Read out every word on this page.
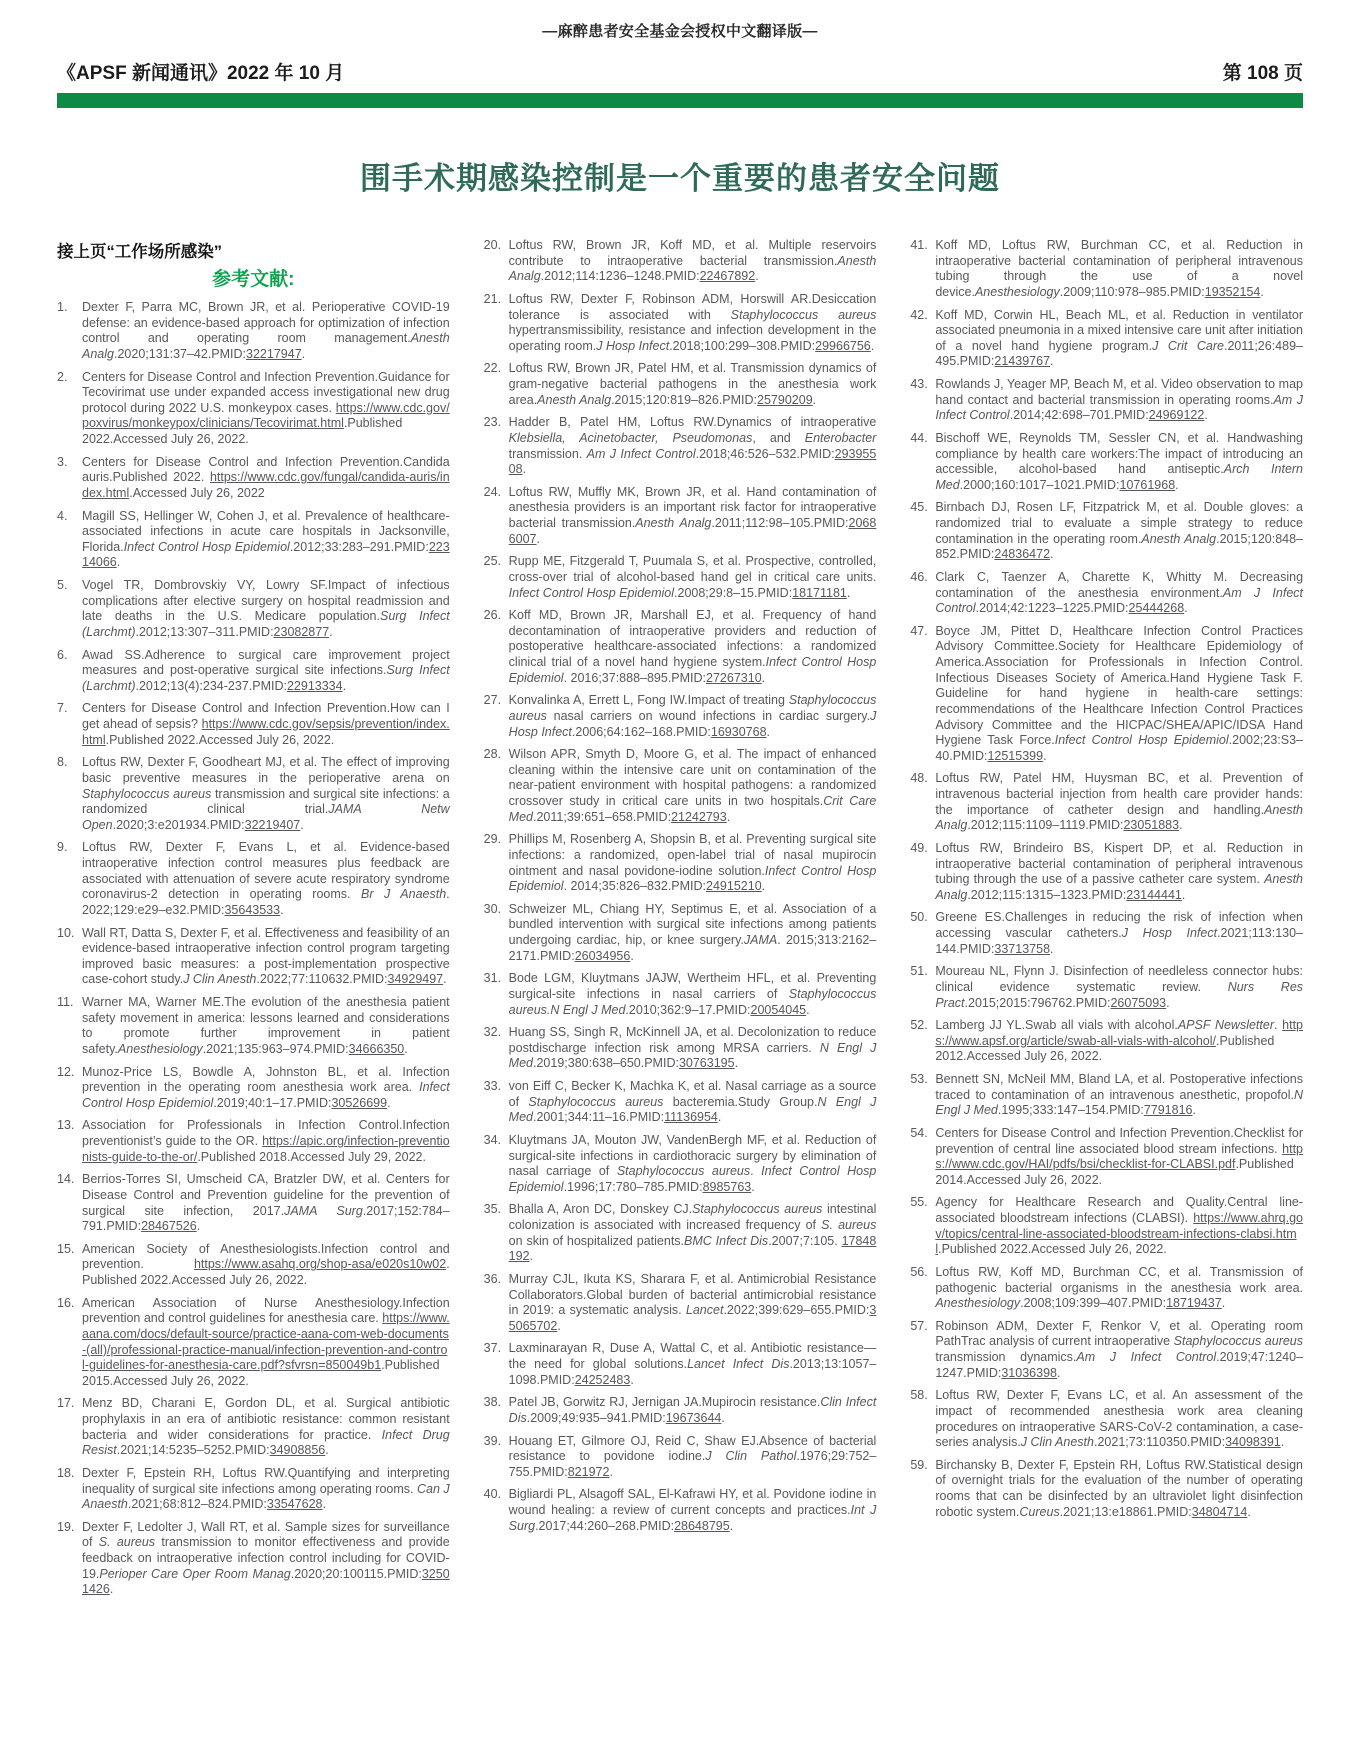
—麻醉患者安全基金会授权中文翻译版—
《APSF 新闻通讯》2022 年 10 月	第 108 页
围手术期感染控制是一个重要的患者安全问题
接上页“工作场所感染”
参考文献:
1.	Dexter F, Parra MC, Brown JR, et al. Perioperative COVID-19 defense: an evidence-based approach for optimization of infection control and operating room management.Anesth Analg.2020;131:37–42.PMID:32217947.
2.	Centers for Disease Control and Infection Prevention.Guidance for Tecovirimat use under expanded access investigational new drug protocol during 2022 U.S. monkeypox cases. https://www.cdc.gov/poxvirus/monkeypox/clinicians/Tecovirimat.html.Published 2022.Accessed July 26, 2022.
3.	Centers for Disease Control and Infection Prevention.Candida auris.Published 2022. https://www.cdc.gov/fungal/candida-auris/index.html.Accessed July 26, 2022
4.	Magill SS, Hellinger W, Cohen J, et al. Prevalence of healthcare-associated infections in acute care hospitals in Jacksonville, Florida.Infect Control Hosp Epidemiol.2012;33:283–291.PMID:22314066.
5.	Vogel TR, Dombrovskiy VY, Lowry SF.Impact of infectious complications after elective surgery on hospital readmission and late deaths in the U.S. Medicare population.Surg Infect (Larchmt).2012;13:307–311.PMID:23082877.
6.	Awad SS.Adherence to surgical care improvement project measures and post-operative surgical site infections.Surg Infect (Larchmt).2012;13(4):234-237.PMID:22913334.
7.	Centers for Disease Control and Infection Prevention.How can I get ahead of sepsis? https://www.cdc.gov/sepsis/prevention/index.html.Published 2022.Accessed July 26, 2022.
8.	Loftus RW, Dexter F, Goodheart MJ, et al. The effect of improving basic preventive measures in the perioperative arena on Staphylococcus aureus transmission and surgical site infections: a randomized clinical trial.JAMA Netw Open.2020;3:e201934.PMID:32219407.
9.	Loftus RW, Dexter F, Evans L, et al. Evidence-based intraoperative infection control measures plus feedback are associated with attenuation of severe acute respiratory syndrome coronavirus-2 detection in operating rooms. Br J Anaesth. 2022;129:e29–e32.PMID:35643533.
10. Wall RT, Datta S, Dexter F, et al. Effectiveness and feasibility of an evidence-based intraoperative infection control program targeting improved basic measures: a post-implementation prospective case-cohort study.J Clin Anesth.2022;77:110632.PMID:34929497.
11. Warner MA, Warner ME.The evolution of the anesthesia patient safety movement in america: lessons learned and considerations to promote further improvement in patient safety.Anesthesiology.2021;135:963–974.PMID:34666350.
12. Munoz-Price LS, Bowdle A, Johnston BL, et al. Infection prevention in the operating room anesthesia work area. Infect Control Hosp Epidemiol.2019;40:1–17.PMID:30526699.
13. Association for Professionals in Infection Control.Infection preventionist’s guide to the OR. https://apic.org/infection-preventionists-guide-to-the-or/.Published 2018.Accessed July 29, 2022.
14. Berrios-Torres SI, Umscheid CA, Bratzler DW, et al. Centers for Disease Control and Prevention guideline for the prevention of surgical site infection, 2017.JAMA Surg.2017;152:784–791.PMID:28467526.
15. American Society of Anesthesiologists.Infection control and prevention. https://www.asahq.org/shop-asa/e020s10w02. Published 2022.Accessed July 26, 2022.
16. American Association of Nurse Anesthesiology.Infection prevention and control guidelines for anesthesia care. https://www.aana.com/docs/default-source/practice-aana-com-web-documents-(all)/professional-practice-manual/infection-prevention-and-control-guidelines-for-anesthesia-care.pdf?sfvrsn=850049b1.Published 2015.Accessed July 26, 2022.
17. Menz BD, Charani E, Gordon DL, et al. Surgical antibiotic prophylaxis in an era of antibiotic resistance: common resistant bacteria and wider considerations for practice. Infect Drug Resist.2021;14:5235–5252.PMID:34908856.
18. Dexter F, Epstein RH, Loftus RW.Quantifying and interpreting inequality of surgical site infections among operating rooms. Can J Anaesth.2021;68:812–824.PMID:33547628.
19. Dexter F, Ledolter J, Wall RT, et al. Sample sizes for surveillance of S. aureus transmission to monitor effectiveness and provide feedback on intraoperative infection control including for COVID-19.Perioper Care Oper Room Manag.2020;20:100115.PMID:32501426.
20. Loftus RW, Brown JR, Koff MD, et al. Multiple reservoirs contribute to intraoperative bacterial transmission.Anesth Analg.2012;114:1236–1248.PMID:22467892.
21. Loftus RW, Dexter F, Robinson ADM, Horswill AR.Desiccation tolerance is associated with Staphylococcus aureus hypertransmissibility, resistance and infection development in the operating room.J Hosp Infect.2018;100:299–308.PMID:29966756.
22. Loftus RW, Brown JR, Patel HM, et al. Transmission dynamics of gram-negative bacterial pathogens in the anesthesia work area.Anesth Analg.2015;120:819–826.PMID:25790209.
23. Hadder B, Patel HM, Loftus RW.Dynamics of intraoperative Klebsiella, Acinetobacter, Pseudomonas, and Enterobacter transmission. Am J Infect Control.2018;46:526–532.PMID:29395508.
24. Loftus RW, Muffly MK, Brown JR, et al. Hand contamination of anesthesia providers is an important risk factor for intraoperative bacterial transmission.Anesth Analg.2011;112:98–105.PMID:20686007.
25. Rupp ME, Fitzgerald T, Puumala S, et al. Prospective, controlled, cross-over trial of alcohol-based hand gel in critical care units. Infect Control Hosp Epidemiol.2008;29:8–15.PMID:18171181.
26. Koff MD, Brown JR, Marshall EJ, et al. Frequency of hand decontamination of intraoperative providers and reduction of postoperative healthcare-associated infections: a randomized clinical trial of a novel hand hygiene system.Infect Control Hosp Epidemiol. 2016;37:888–895.PMID:27267310.
27. Konvalinka A, Errett L, Fong IW.Impact of treating Staphylococcus aureus nasal carriers on wound infections in cardiac surgery.J Hosp Infect.2006;64:162–168.PMID:16930768.
28. Wilson APR, Smyth D, Moore G, et al. The impact of enhanced cleaning within the intensive care unit on contamination of the near-patient environment with hospital pathogens: a randomized crossover study in critical care units in two hospitals.Crit Care Med.2011;39:651–658.PMID:21242793.
29. Phillips M, Rosenberg A, Shopsin B, et al. Preventing surgical site infections: a randomized, open-label trial of nasal mupirocin ointment and nasal povidone-iodine solution.Infect Control Hosp Epidemiol. 2014;35:826–832.PMID:24915210.
30. Schweizer ML, Chiang HY, Septimus E, et al. Association of a bundled intervention with surgical site infections among patients undergoing cardiac, hip, or knee surgery.JAMA. 2015;313:2162–2171.PMID:26034956.
31. Bode LGM, Kluytmans JAJW, Wertheim HFL, et al. Preventing surgical-site infections in nasal carriers of Staphylococcus aureus.N Engl J Med.2010;362:9–17.PMID:20054045.
32. Huang SS, Singh R, McKinnell JA, et al. Decolonization to reduce postdischarge infection risk among MRSA carriers. N Engl J Med.2019;380:638–650.PMID:30763195.
33. von Eiff C, Becker K, Machka K, et al. Nasal carriage as a source of Staphylococcus aureus bacteremia.Study Group.N Engl J Med.2001;344:11–16.PMID:11136954.
34. Kluytmans JA, Mouton JW, VandenBergh MF, et al. Reduction of surgical-site infections in cardiothoracic surgery by elimination of nasal carriage of Staphylococcus aureus. Infect Control Hosp Epidemiol.1996;17:780–785.PMID:8985763.
35. Bhalla A, Aron DC, Donskey CJ.Staphylococcus aureus intestinal colonization is associated with increased frequency of S. aureus on skin of hospitalized patients.BMC Infect Dis.2007;7:105. 17848192.
36. Murray CJL, Ikuta KS, Sharara F, et al. Antimicrobial Resistance Collaborators.Global burden of bacterial antimicrobial resistance in 2019: a systematic analysis. Lancet.2022;399:629–655.PMID:35065702.
37. Laxminarayan R, Duse A, Wattal C, et al. Antibiotic resistance—the need for global solutions.Lancet Infect Dis.2013;13:1057–1098.PMID:24252483.
38. Patel JB, Gorwitz RJ, Jernigan JA.Mupirocin resistance.Clin Infect Dis.2009;49:935–941.PMID:19673644.
39. Houang ET, Gilmore OJ, Reid C, Shaw EJ.Absence of bacterial resistance to povidone iodine.J Clin Pathol.1976;29:752–755.PMID:821972.
40. Bigliardi PL, Alsagoff SAL, El-Kafrawi HY, et al. Povidone iodine in wound healing: a review of current concepts and practices.Int J Surg.2017;44:260–268.PMID:28648795.
41. Koff MD, Loftus RW, Burchman CC, et al. Reduction in intraoperative bacterial contamination of peripheral intravenous tubing through the use of a novel device.Anesthesiology.2009;110:978–985.PMID:19352154.
42. Koff MD, Corwin HL, Beach ML, et al. Reduction in ventilator associated pneumonia in a mixed intensive care unit after initiation of a novel hand hygiene program.J Crit Care.2011;26:489–495.PMID:21439767.
43. Rowlands J, Yeager MP, Beach M, et al. Video observation to map hand contact and bacterial transmission in operating rooms.Am J Infect Control.2014;42:698–701.PMID:24969122.
44. Bischoff WE, Reynolds TM, Sessler CN, et al. Handwashing compliance by health care workers:The impact of introducing an accessible, alcohol-based hand antiseptic.Arch Intern Med.2000;160:1017–1021.PMID:10761968.
45. Birnbach DJ, Rosen LF, Fitzpatrick M, et al. Double gloves: a randomized trial to evaluate a simple strategy to reduce contamination in the operating room.Anesth Analg.2015;120:848–852.PMID:24836472.
46. Clark C, Taenzer A, Charette K, Whitty M. Decreasing contamination of the anesthesia environment.Am J Infect Control.2014;42:1223–1225.PMID:25444268.
47. Boyce JM, Pittet D, Healthcare Infection Control Practices Advisory Committee.Society for Healthcare Epidemiology of America.Association for Professionals in Infection Control. Infectious Diseases Society of America.Hand Hygiene Task F. Guideline for hand hygiene in health-care settings: recommendations of the Healthcare Infection Control Practices Advisory Committee and the HICPAC/SHEA/APIC/IDSA Hand Hygiene Task Force.Infect Control Hosp Epidemiol.2002;23:S3–40.PMID:12515399.
48. Loftus RW, Patel HM, Huysman BC, et al. Prevention of intravenous bacterial injection from health care provider hands: the importance of catheter design and handling.Anesth Analg.2012;115:1109–1119.PMID:23051883.
49. Loftus RW, Brindeiro BS, Kispert DP, et al. Reduction in intraoperative bacterial contamination of peripheral intravenous tubing through the use of a passive catheter care system. Anesth Analg.2012;115:1315–1323.PMID:23144441.
50. Greene ES.Challenges in reducing the risk of infection when accessing vascular catheters.J Hosp Infect.2021;113:130–144.PMID:33713758.
51. Moureau NL, Flynn J. Disinfection of needleless connector hubs: clinical evidence systematic review. Nurs Res Pract.2015;2015:796762.PMID:26075093.
52. Lamberg JJ YL.Swab all vials with alcohol.APSF Newsletter. https://www.apsf.org/article/swab-all-vials-with-alcohol/.Published 2012.Accessed July 26, 2022.
53. Bennett SN, McNeil MM, Bland LA, et al. Postoperative infections traced to contamination of an intravenous anesthetic, propofol.N Engl J Med.1995;333:147–154.PMID:7791816.
54. Centers for Disease Control and Infection Prevention.Checklist for prevention of central line associated blood stream infections. https://www.cdc.gov/HAI/pdfs/bsi/checklist-for-CLABSI.pdf.Published 2014.Accessed July 26, 2022.
55. Agency for Healthcare Research and Quality.Central line-associated bloodstream infections (CLABSI). https://www.ahrq.gov/topics/central-line-associated-bloodstream-infections-clabsi.html.Published 2022.Accessed July 26, 2022.
56. Loftus RW, Koff MD, Burchman CC, et al. Transmission of pathogenic bacterial organisms in the anesthesia work area. Anesthesiology.2008;109:399–407.PMID:18719437.
57. Robinson ADM, Dexter F, Renkor V, et al. Operating room PathTrac analysis of current intraoperative Staphylococcus aureus transmission dynamics.Am J Infect Control.2019;47:1240–1247.PMID:31036398.
58. Loftus RW, Dexter F, Evans LC, et al. An assessment of the impact of recommended anesthesia work area cleaning procedures on intraoperative SARS-CoV-2 contamination, a case-series analysis.J Clin Anesth.2021;73:110350.PMID:34098391.
59. Birchansky B, Dexter F, Epstein RH, Loftus RW.Statistical design of overnight trials for the evaluation of the number of operating rooms that can be disinfected by an ultraviolet light disinfection robotic system.Cureus.2021;13:e18861.PMID:34804714.
